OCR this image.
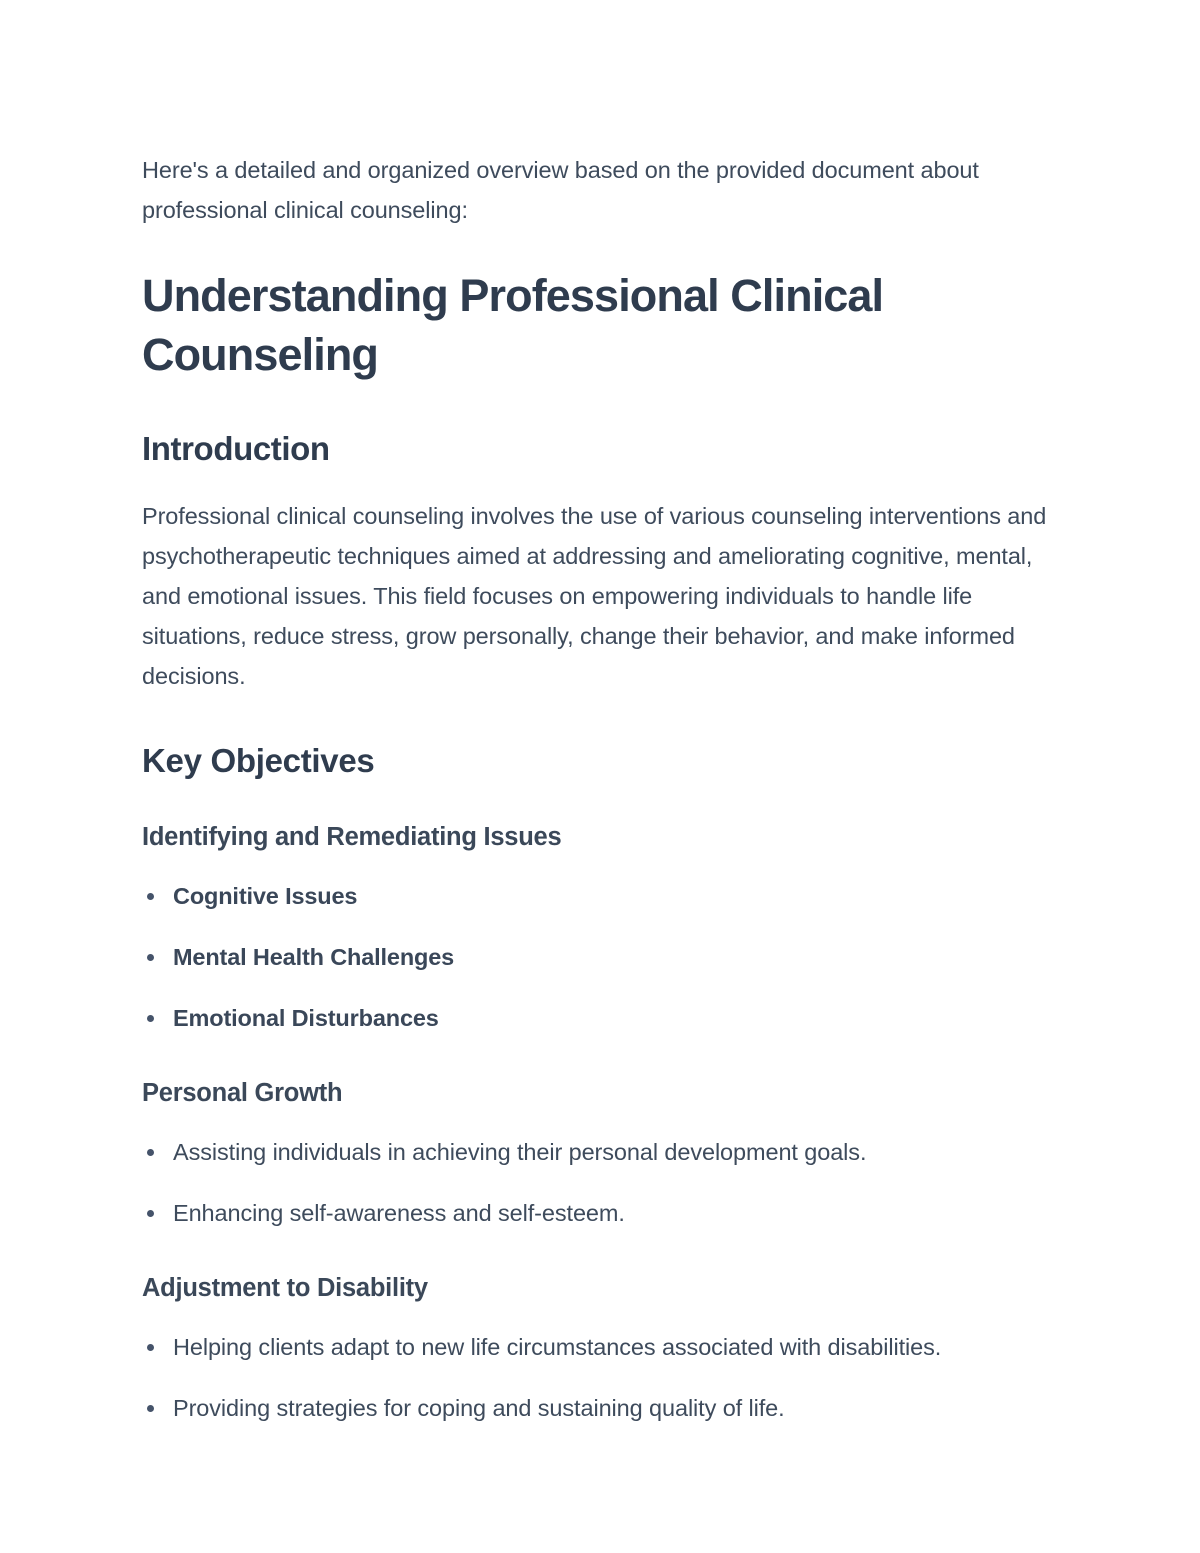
Here's a detailed and organized overview based on the provided document about professional clinical counseling:

Understanding Professional Clinical Counseling
Introduction

Professional clinical counseling involves the use of various counseling interventions and psychotherapeutic techniques aimed at addressing and ameliorating cognitive, mental, and emotional issues. This field focuses on empowering individuals to handle life situations, reduce stress, grow personally, change their behavior, and make informed decisions.

Key Objectives
Identifying and Remediating Issues
Cognitive Issues
Mental Health Challenges
Emotional Disturbances
Personal Growth
Assisting individuals in achieving their personal development goals.
Enhancing self-awareness and self-esteem.
Adjustment to Disability
Helping clients adapt to new life circumstances associated with disabilities.
Providing strategies for coping and sustaining quality of life.
